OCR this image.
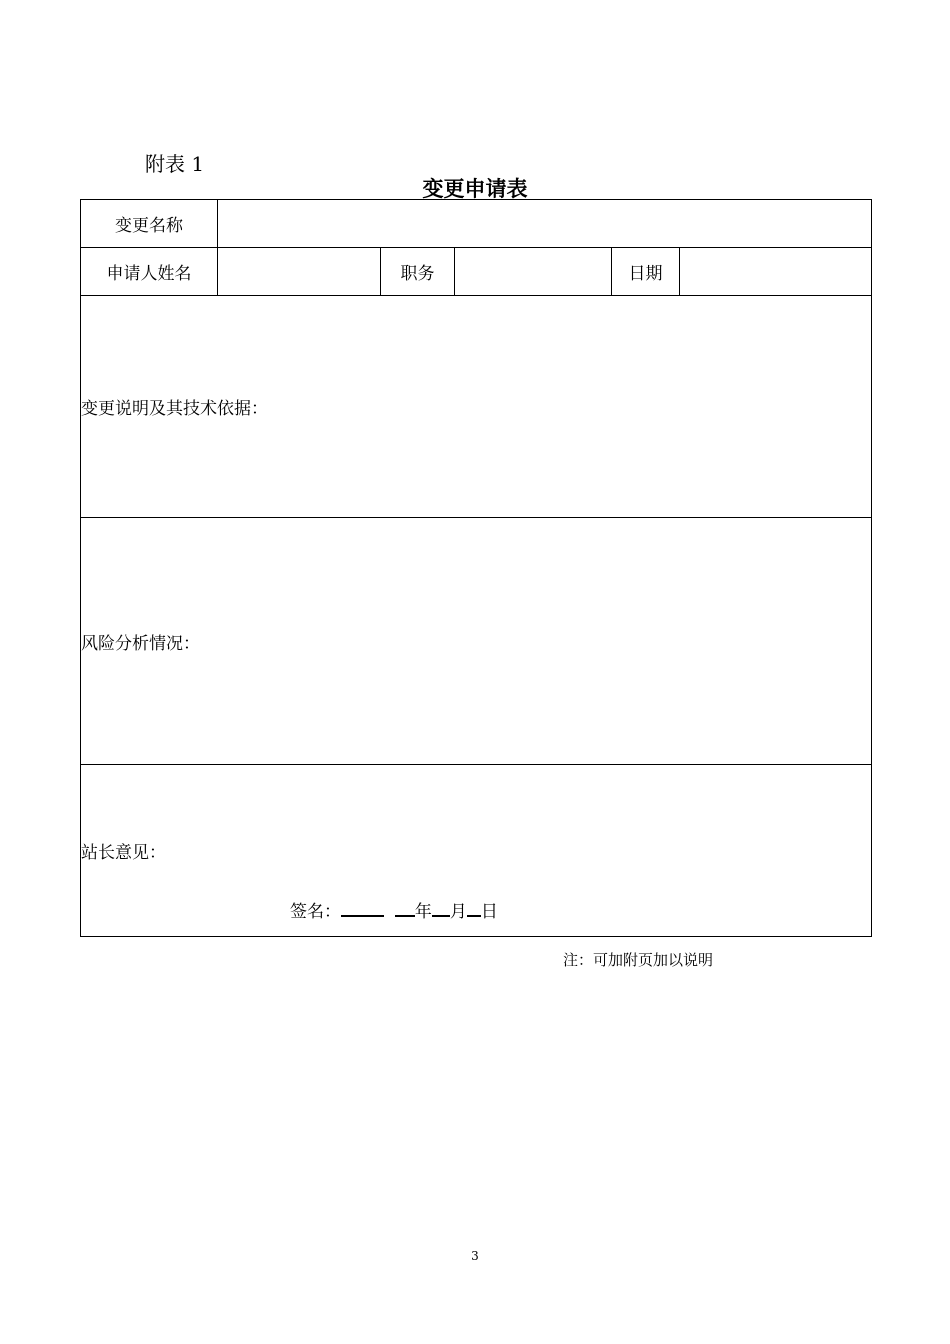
附表 1
变更申请表
变更名称					
申请人姓名		职务		日期	
变更说明及其技术依据：					
风险分析情况：					
站长意见：					
签名：	年 月 日
注：可加附页加以说明
3
